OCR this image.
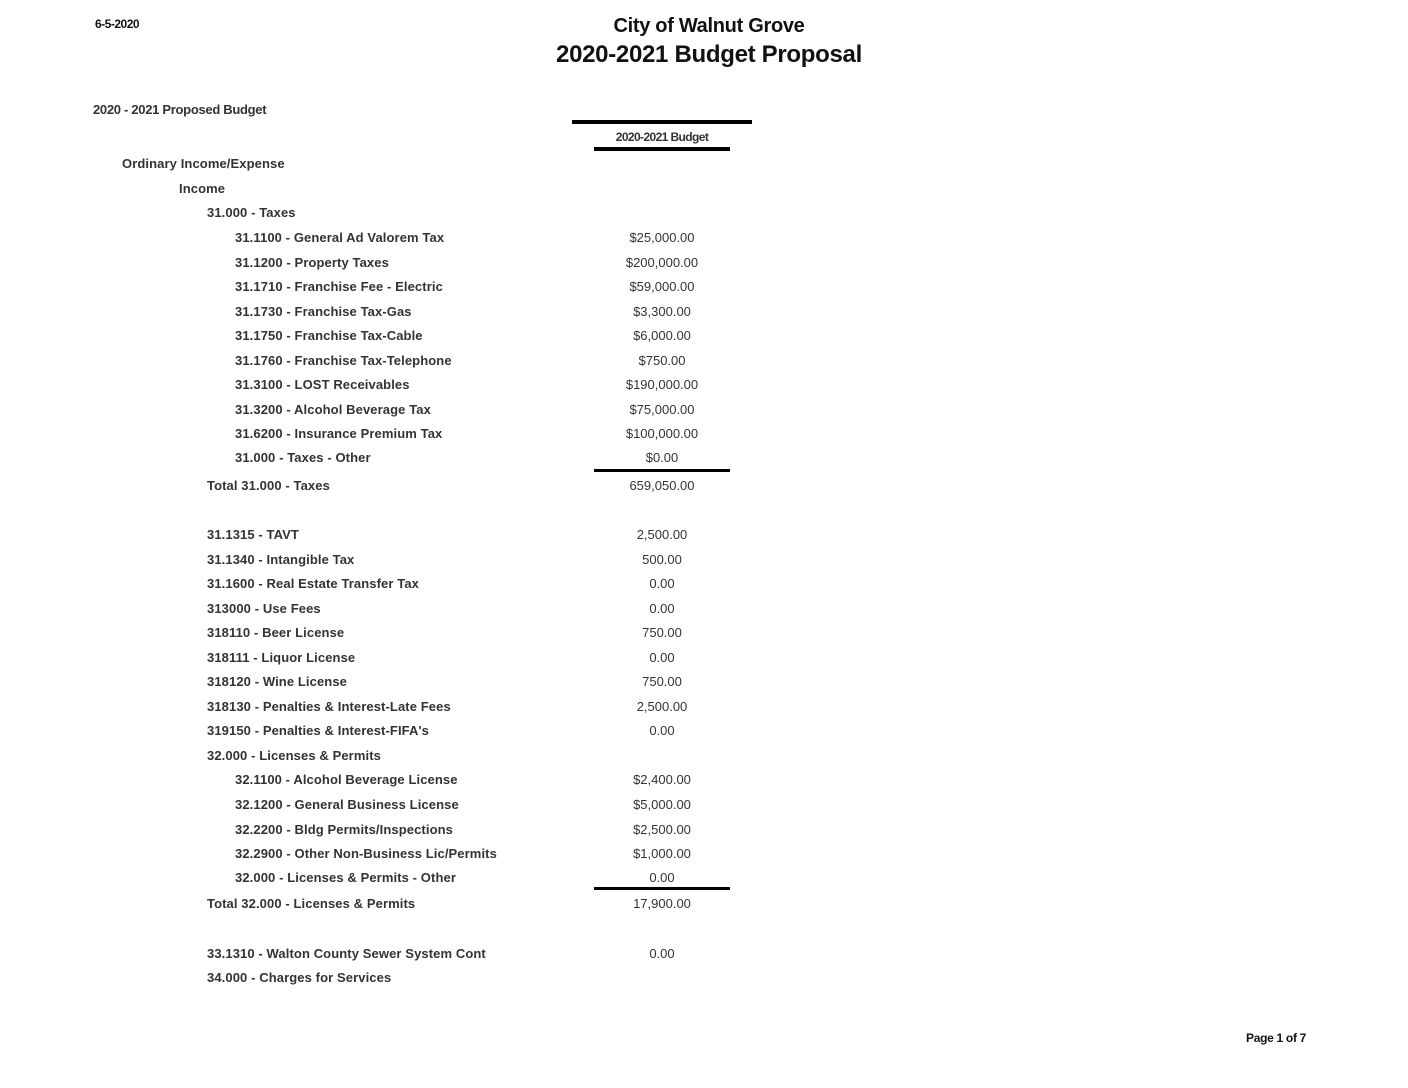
6-5-2020	City of Walnut Grove
2020-2021 Budget Proposal
2020 - 2021 Proposed Budget
2020-2021 Budget
Ordinary Income/Expense
Income
31.000 - Taxes
31.1100 - General Ad Valorem Tax	$25,000.00
31.1200 - Property Taxes	$200,000.00
31.1710 - Franchise Fee - Electric	$59,000.00
31.1730 - Franchise Tax-Gas	$3,300.00
31.1750 - Franchise Tax-Cable	$6,000.00
31.1760 - Franchise Tax-Telephone	$750.00
31.3100 - LOST Receivables	$190,000.00
31.3200 - Alcohol Beverage Tax	$75,000.00
31.6200 - Insurance Premium Tax	$100,000.00
31.000 - Taxes - Other	$0.00
Total 31.000 - Taxes	659,050.00
31.1315 - TAVT	2,500.00
31.1340 - Intangible Tax	500.00
31.1600 - Real Estate Transfer Tax	0.00
313000 - Use Fees	0.00
318110 - Beer License	750.00
318111 - Liquor License	0.00
318120 - Wine License	750.00
318130 - Penalties & Interest-Late Fees	2,500.00
319150 - Penalties & Interest-FIFA's	0.00
32.000 - Licenses & Permits
32.1100 - Alcohol Beverage License	$2,400.00
32.1200 - General Business License	$5,000.00
32.2200 - Bldg Permits/Inspections	$2,500.00
32.2900 - Other Non-Business Lic/Permits	$1,000.00
32.000 - Licenses & Permits - Other	0.00
Total 32.000 - Licenses & Permits	17,900.00
33.1310 - Walton County Sewer System Cont	0.00
34.000 - Charges for Services
Page 1 of 7
